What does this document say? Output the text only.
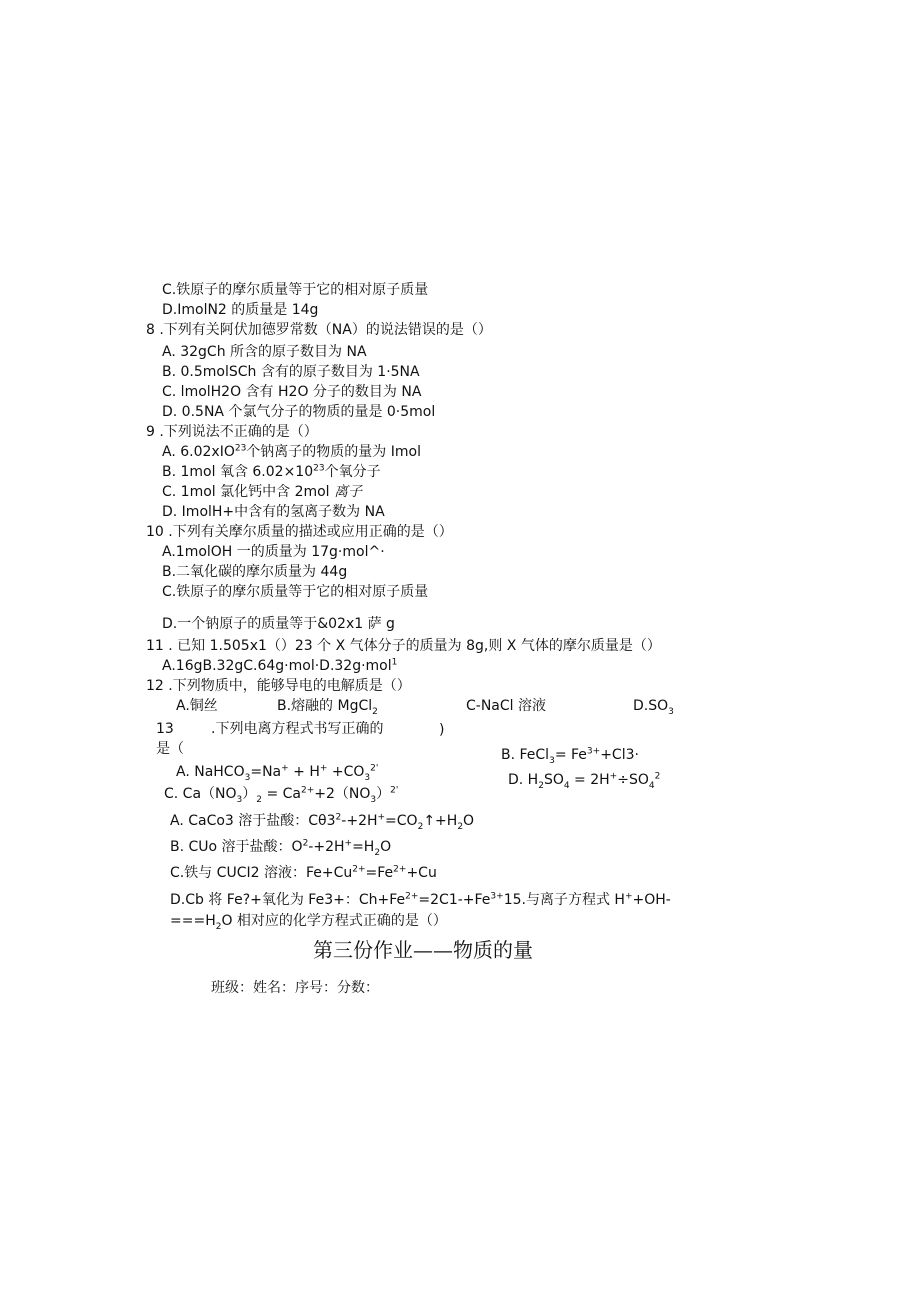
C.铁原子的摩尔质量等于它的相对原子质量
D.ImolN2 的质量是 14g
8 .下列有关阿伏加德罗常数（NA）的说法错误的是（）
A. 32gCh 所含的原子数目为 NA
B. 0.5molSCh 含有的原子数目为 1·5NA
C. lmolH2O 含有 H2O 分子的数目为 NA
D. 0.5NA 个氯气分子的物质的量是 0·5mol
9 .下列说法不正确的是（）
A. 6.02xIO$^{23}$个钠离子的物质的量为 Imol
B. 1mol 氧含 $6.02\times 10^{23}$个氧分子
C. 1mol 氯化钙中含 2mol 离子
D. ImolH+中含有的氢离子数为 NA
10 .下列有关摩尔质量的描述或应用正确的是（）
A.1molOH 一的质量为 17g·mol^·
B.二氧化碳的摩尔质量为 44g
C.铁原子的摩尔质量等于它的相对原子质量
D.一个钠原子的质量等于&02x1 萨 g
11 . 已知 1.505x1（）23 个 X 气体分子的质量为 8g,则 X 气体的摩尔质量是（）
A.16gB.32gC.64g·mol·D.32g·mol$^1$
12 .下列物质中，能够导电的电解质是（）
A.铜丝	B.熔融的 MgCl$_2$	C-NaCl 溶液	$D.SO_3$
13	.下列电离方程式书写正确的	)
是（	B. FeCl$_3$= $Fe^{3+}+Cl3\cdot$
A. NaHCO$_3$=Na+ + $H^+ +CO_3^{2'}$
D. $H_2SO_4 = 2H^+\div SO_4^2$
C. $Ca(NO_3)_2 = Ca^{2+}+2(NO_3)^{2'}$
A. CaCo3 溶于盐酸：$C\theta 3^2-+2H^+=CO_2↑+H_2O$
B. CUo 溶于盐酸：$O^2-+2H^+=H_2O$
C.铁与 CUCI2 溶液：$Fe+Cu^{2+}=Fe^{2+}+Cu$
D.Cb 将 Fe?+氧化为 Fe3+：$Ch+Fe^{2+}=2C1-+Fe^{3+}15$.与离子方程式 H++OH-
$===H_2O$ 相对应的化学方程式正确的是（）
第三份作业——物质的量
班级：姓名：序号：分数：
